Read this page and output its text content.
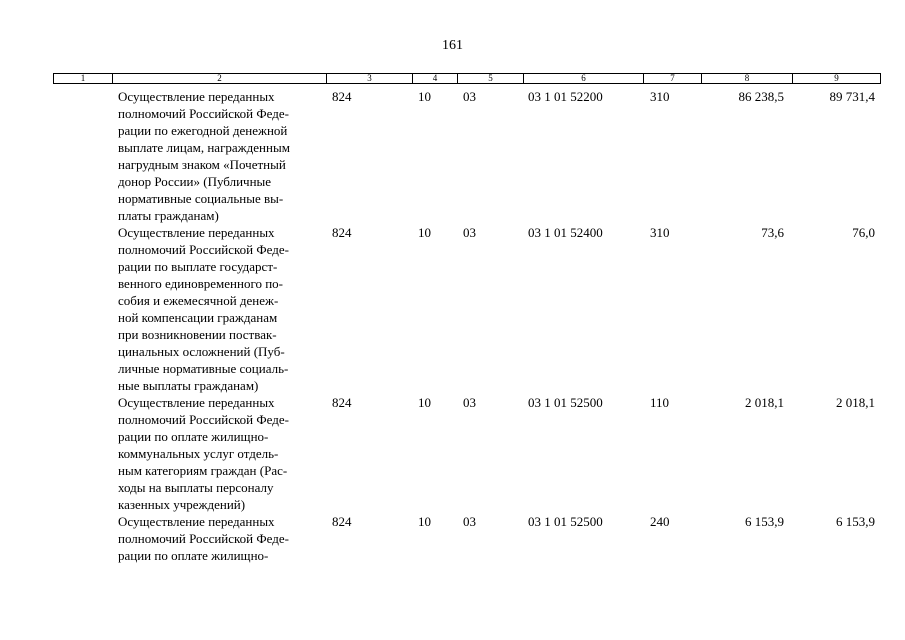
161
1	2	3	4	5	6	7	8	9
Осуществление переданных
полномочий Российской Феде-
рации по ежегодной денежной
выплате лицам, награжденным
нагрудным знаком «Почетный
донор России» (Публичные
нормативные социальные вы-
платы гражданам)
824	10 03	03 1 01 52200	310	86 238,5	89 731,4
Осуществление переданных
полномочий Российской Феде-
рации по выплате государст-
венного единовременного по-
собия и ежемесячной денеж-
ной компенсации гражданам
при возникновении поствак-
цинальных осложнений (Пуб-
личные нормативные социаль-
ные выплаты гражданам)
824	10 03	03 1 01 52400	310	73,6	76,0
Осуществление переданных
полномочий Российской Феде-
рации по оплате жилищно-
коммунальных услуг отдель-
ным категориям граждан (Рас-
ходы на выплаты персоналу
казенных учреждений)
824	10 03	03 1 01 52500	110	2 018,1	2 018,1
Осуществление переданных
полномочий Российской Феде-
рации по оплате жилищно-
824	10 03	03 1 01 52500	240	6 153,9	6 153,9
